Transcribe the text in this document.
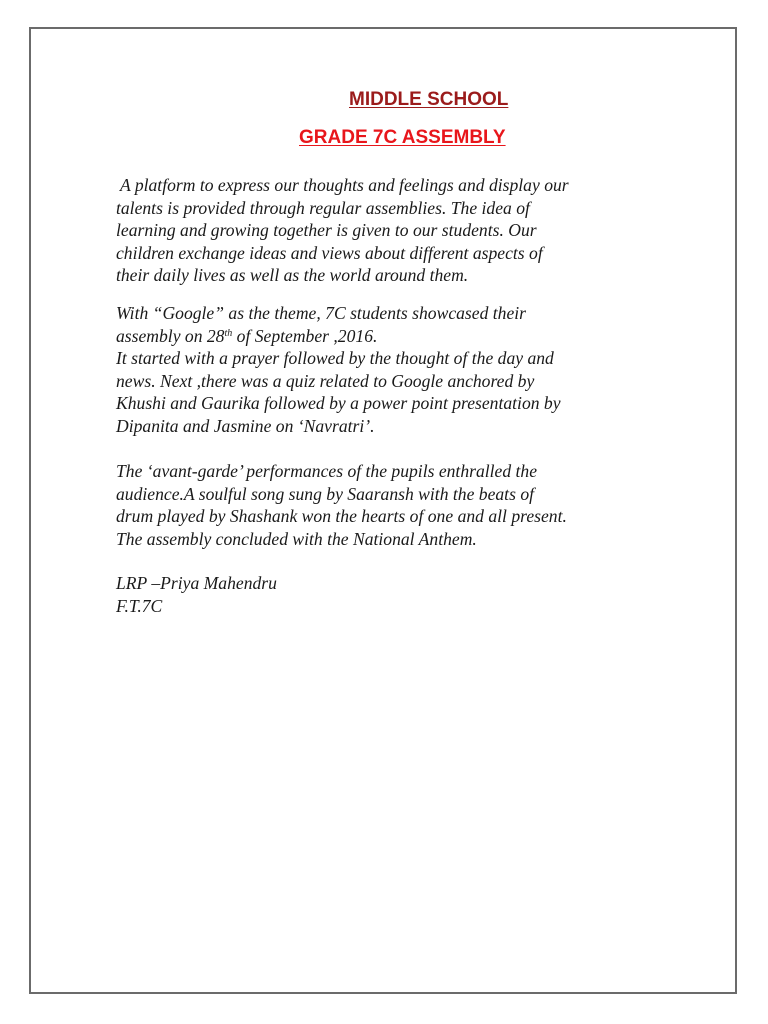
MIDDLE SCHOOL
GRADE 7C ASSEMBLY

A platform to express our thoughts and feelings and display our
talents is provided through regular assemblies. The idea of
learning and growing together is given to our students. Our
children exchange ideas and views about different aspects of
their daily lives as well as the world around them.

With “Google” as the theme, 7C students showcased their
assembly on 28th of September ,2016.
It started with a prayer followed by the thought of the day and
news. Next ,there was a quiz related to Google anchored by
Khushi and Gaurika followed by a power point presentation by
Dipanita and Jasmine on ‘Navratri’.

The ‘avant-garde’ performances of the pupils enthralled the
audience.A soulful song sung by Saaransh with the beats of
drum played by Shashank won the hearts of one and all present.
The assembly concluded with the National Anthem.

LRP –Priya Mahendru
F.T.7C
